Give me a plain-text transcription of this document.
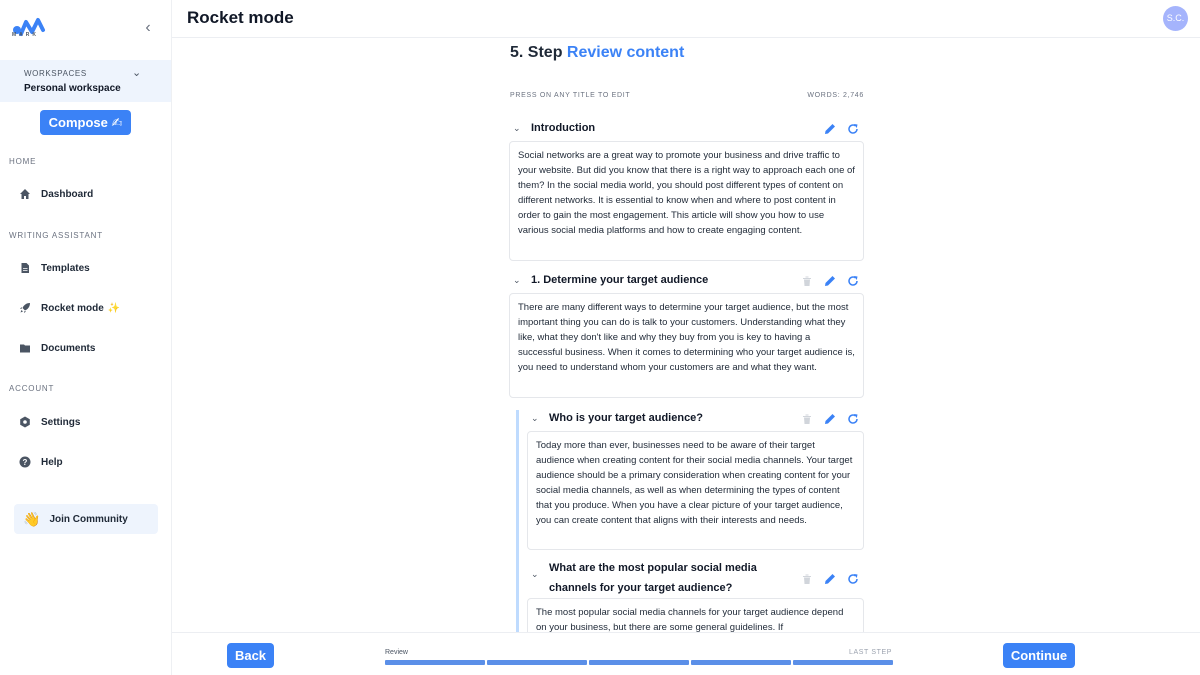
MARK	‹
WORKSPACES	⌄
Personal workspace
Compose ✍
HOME
Dashboard
WRITING ASSISTANT
Templates
Rocket mode ✨
Documents
ACCOUNT
Settings
? Help
👋 Join Community
Rocket mode	S.C.
5. Step Review content
PRESS ON ANY TITLE TO EDIT	WORDS: 2,746
⌄ Introduction
Social networks are a great way to promote your business and drive traffic to your website. But did you know that there is a right way to approach each one of them? In the social media world, you should post different types of content on different networks. It is essential to know when and where to post content in order to gain the most engagement. This article will show you how to use various social media platforms and how to create engaging content.
⌄ 1. Determine your target audience
There are many different ways to determine your target audience, but the most important thing you can do is talk to your customers. Understanding what they like, what they don't like and why they buy from you is key to having a successful business. When it comes to determining who your target audience is, you need to understand whom your customers are and what they want.
⌄ Who is your target audience?
Today more than ever, businesses need to be aware of their target audience when creating content for their social media channels. Your target audience should be a primary consideration when creating content for your social media channels, as well as when determining the types of content that you produce. When you have a clear picture of your target audience, you can create content that aligns with their interests and needs.
⌄ What are the most popular social media channels for your target audience?
The most popular social media channels for your target audience depend on your business, but there are some general guidelines. If
Back	Review	LAST STEP	Continue
